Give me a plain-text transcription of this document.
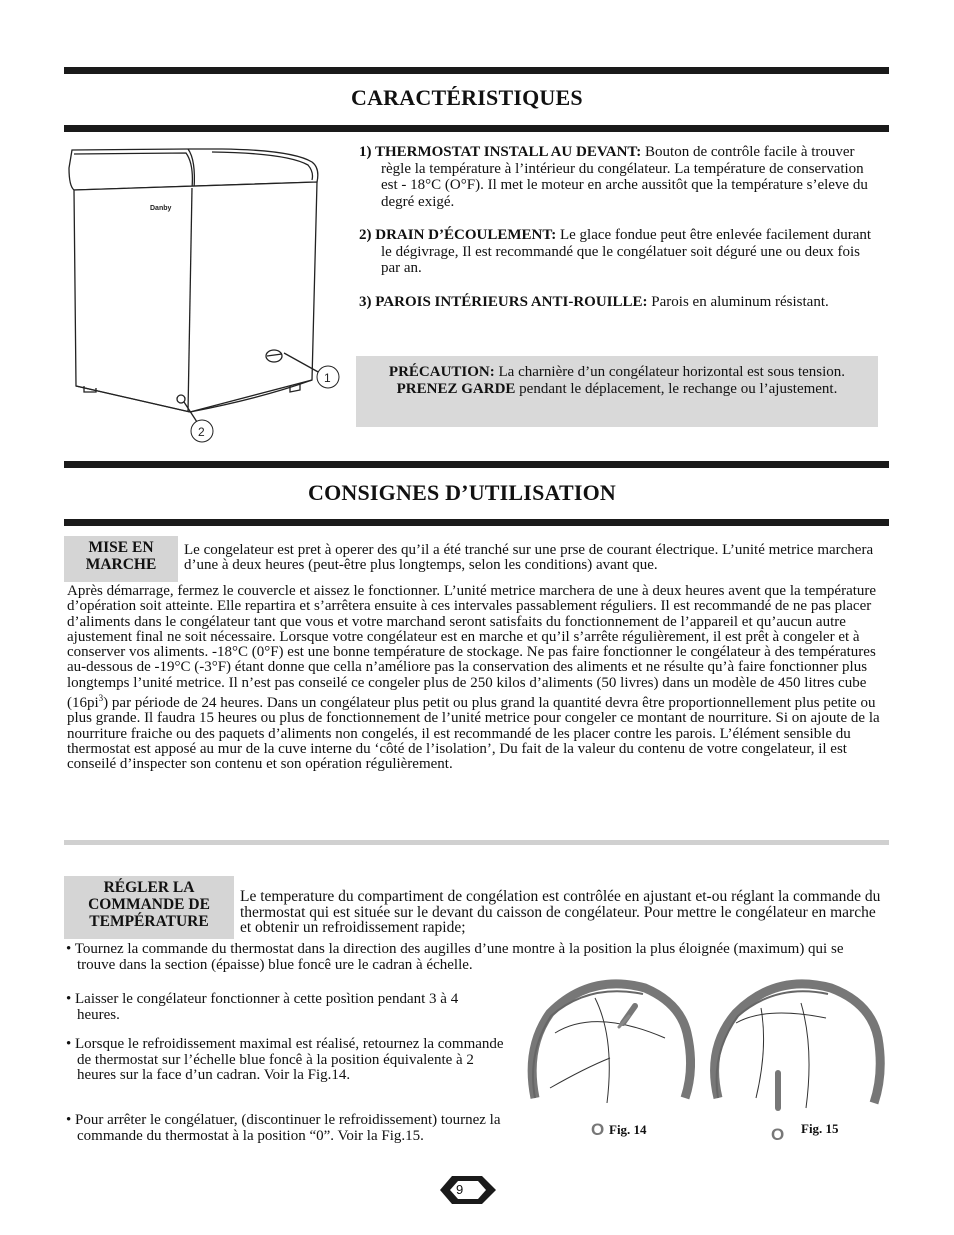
CARACTÉRISTIQUES
Danby
1
2

1) THERMOSTAT INSTALL AU DEVANT: Bouton de contrôle facile à trouver règle la température à l’intérieur du congélateur. La température de conservation est - 18°C (O°F). Il met le moteur en arche aussitôt que la température s’eleve du degré exigé.

2) DRAIN D’ÉCOULEMENT: Le glace fondue peut être enlevée facilement durant le dégivrage, Il est recommandé que le congélatuer soit déguré une ou deux fois par an.

3) PAROIS INTÉRIEURS ANTI-ROUILLE: Parois en aluminum résistant.

PRÉCAUTION: La charnière d’un congélateur horizontal est sous tension. PRENEZ GARDE pendant le déplacement, le rechange ou l’ajustement.
CONSIGNES D’UTILISATION
MISE EN
MARCHE
Le congelateur est pret à operer des qu’il a été tranché sur une prse de courant électrique. L’unité metrice marchera d’une à deux heures (peut-être plus longtemps, selon les conditions) avant que.
Après démarrage, fermez le couvercle et aissez le fonctionner. L’unité metrice marchera de une à deux heures avent que la température d’opération soit atteinte. Elle repartira et s’arrêtera ensuite à ces intervales passablement réguliers. Il est recommandé de ne pas placer d’aliments dans le congélateur tant que vous et votre marchand seront satisfaits du fonctionnement de l’appareil et qu’aucun autre ajustement final ne soit nécessaire. Lorsque votre congélateur est en marche et qu’il s’arrête régulièrement, il est prêt à congeler et à conserver vos aliments. -18°C (0°F) est une bonne température de stockage. Ne pas faire fonctionner le congélateur à des températures au-dessous de -19°C (-3°F) étant donne que cella n’améliore pas la conservation des aliments et ne résulte qu’à faire fonctionner plus longtemps l’unité metrice. Il n’est pas conseilé ce congeler plus de 250 kilos d’aliments (50 livres) dans un modèle de 450 litres cube $(16pi^3)$ par période de 24 heures. Dans un congélateur plus petit ou plus grand la quantité devra être proportionnellement plus petite ou plus grande. Il faudra 15 heures ou plus de fonctionnement de l’unité metrice pour congeler ce montant de nourriture. Si on ajoute de la nourriture fraiche ou des paquets d’aliments non congelés, il est recommandé de les placer contre les parois. L’élément sensible du thermostat est apposé au mur de la cuve interne du ‘côté de l’isolation’, Du fait de la valeur du contenu de votre congelateur, il est conseilé d’inspecter son contenu et son opération régulièrement.
RÉGLER LA
COMMANDE DE
TEMPÉRATURE
Le temperature du compartiment de congélation est contrôlée en ajustant et-ou réglant la commande du thermostat qui est située sur le devant du caisson de congélateur. Pour mettre le congélateur en marche et obtenir un refroidissement rapide;
• Tournez la commande du thermostat dans la direction des augilles d’une montre à la position la plus éloignée (maximum) qui se trouve dans la section (épaisse) blue foncê ure le cadran à échelle.
• Laisser le congélateur fonctionner à cette posìtion pendant 3 à 4 heures.
• Lorsque le refroidissement maximal est réalisé, retournez la commande de thermostat sur l’échelle blue foncê à la position équivalente à 2 heures sur la face d’un cadran. Voir la Fig.14.
• Pour arrêter le congélatuer, (discontinuer le refroidissement) tournez la commande du thermostat à la position “0”. Voir la Fig.15.	O Fig. 14	O Fig. 15
9
